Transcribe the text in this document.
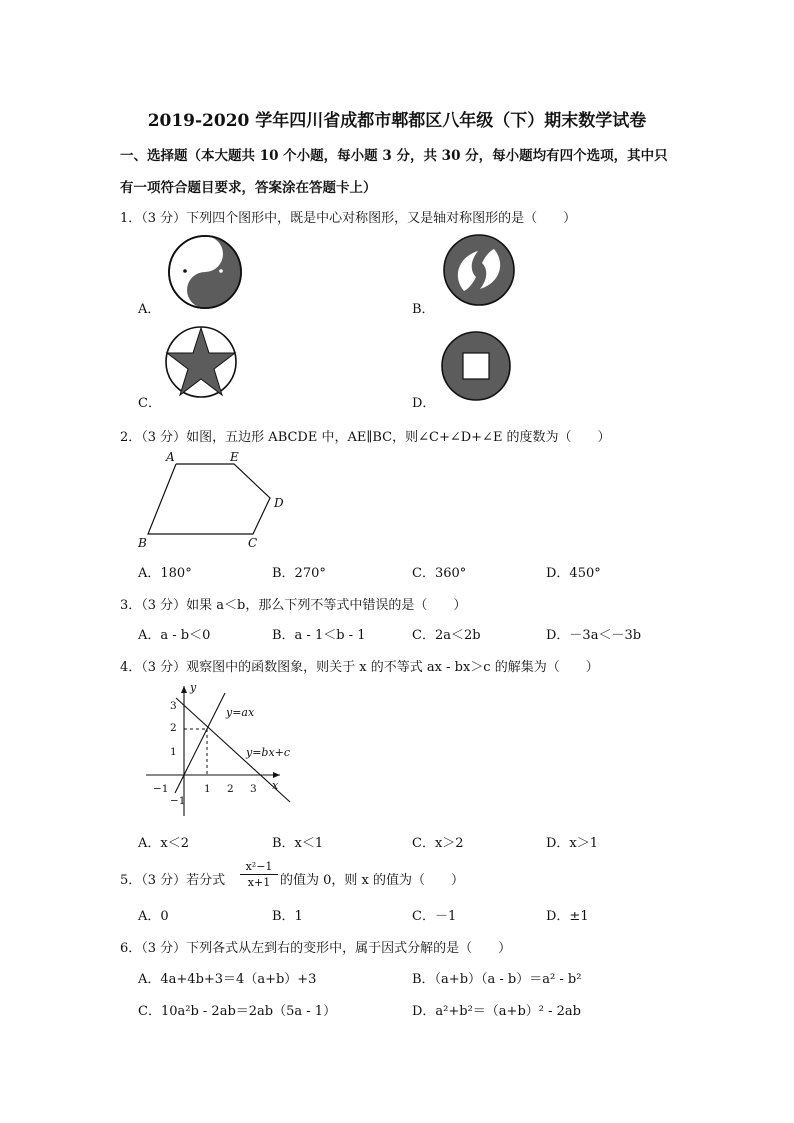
2019-2020 学年四川省成都市郫都区八年级（下）期末数学试卷
一、选择题（本大题共 10 个小题，每小题 3 分，共 30 分，每小题均有四个选项，其中只
有一项符合题目要求，答案涂在答题卡上）
1．（3 分）下列四个图形中，既是中心对称图形，又是轴对称图形的是（　　）
A．	B．
C．	D．
2．（3 分）如图，五边形 ABCDE 中，AE∥BC，则∠C+∠D+∠E 的度数为（　　）
A	E
D
B	C
A．180°	B．270°	C．360°	D．450°
3．（3 分）如果 a＜b，那么下列不等式中错误的是（　　）
A．a - b＜0	B．a - 1＜b - 1	C．2a＜2b	D．－3a＜－3b
4．（3 分）观察图中的函数图象，则关于 x 的不等式 ax - bx＞c 的解集为（　　）
y
x
y=ax
y=bx+c
3
2
1
−1
−1	1 2 3
A．x＜2	B．x＜1	C．x＞2	D．x＞1
5．（3 分）若分式
x²−1
x+1 的值为 0，则 x 的值为（　　）
A．0	B．1	C．－1	D．±1
6．（3 分）下列各式从左到右的变形中，属于因式分解的是（　　）
A．4a+4b+3＝4（a+b）+3	B．（a+b）（a - b）＝a² - b²
C．10a²b - 2ab＝2ab（5a - 1）	D．a²+b²＝（a+b）² - 2ab
